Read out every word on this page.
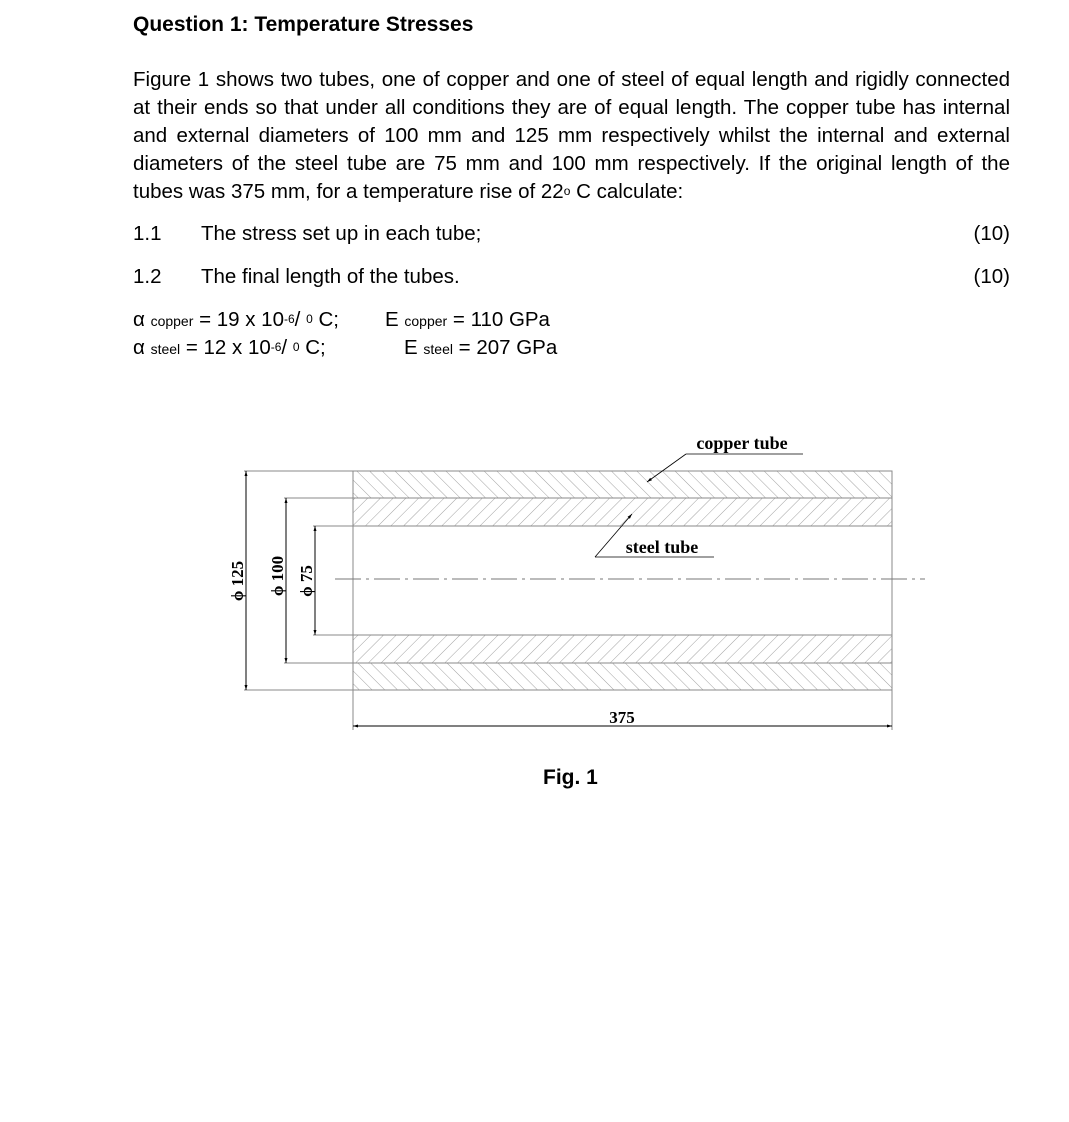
Question 1: Temperature Stresses

Figure 1 shows two tubes, one of copper and one of steel of equal length and rigidly connected at their ends so that under all conditions they are of equal length. The copper tube has internal and external diameters of 100 mm and 125 mm respectively whilst the internal and external diameters of the steel tube are 75 mm and 100 mm respectively. If the original length of the tubes was 375 mm, for a temperature rise of 22$^o$ C calculate:

1.1 The stress set up in each tube;	(10)
1.2 The final length of the tubes.	(10)
α copper = 19 x $10^{-6}/$ $^0$ C;
α steel = 12 x $10^{-6}/$ $^0$ C;
E copper = 110 GPa
E steel = 207 GPa
ϕ 125 ϕ 100 ϕ 75
375
copper tube
steel tube
Fig. 1
